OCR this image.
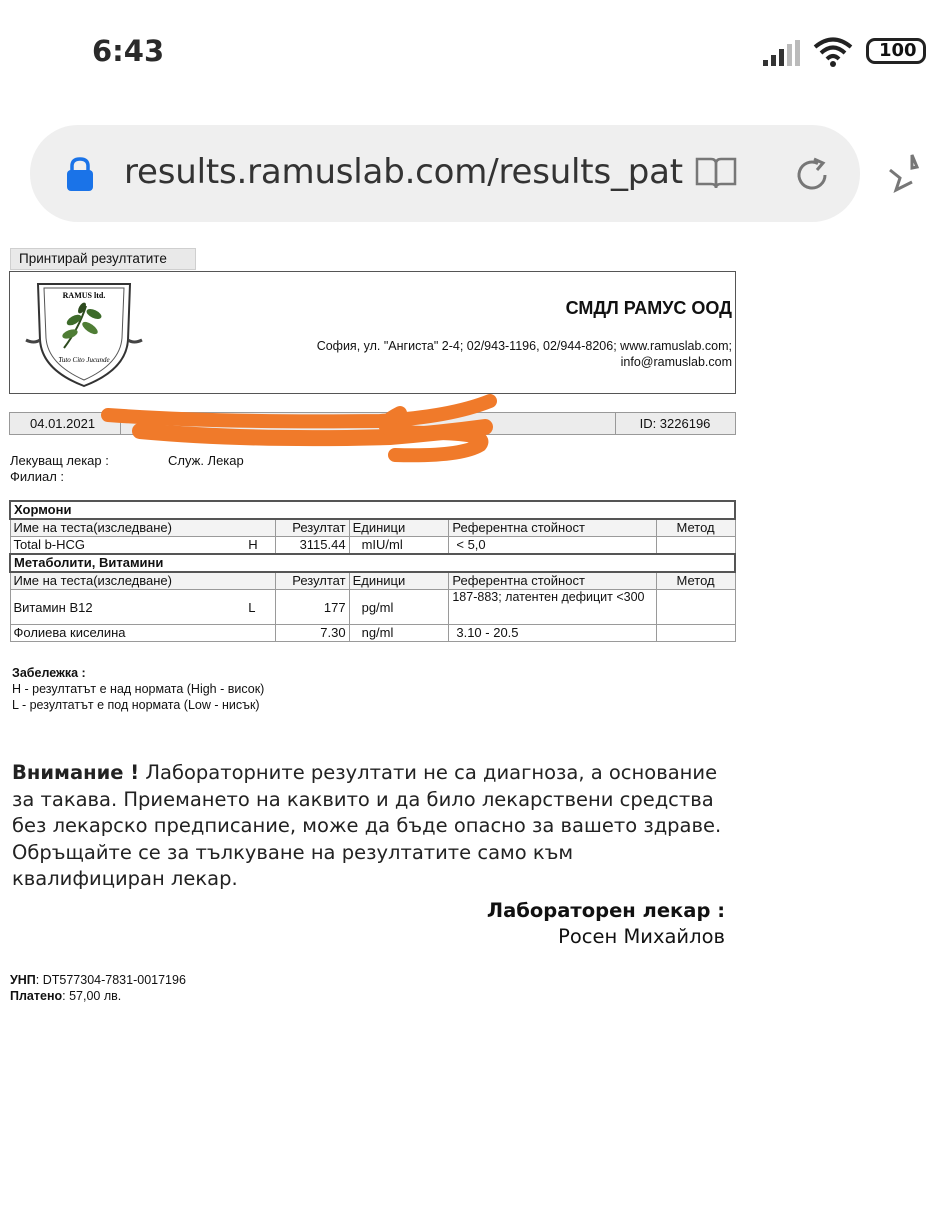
6:43	100
results.ramuslab.com/results_pat
Принтирай резултатите
RAMUS ltd.
Tuto Cito Jucunde
СМДЛ РАМУС ООД
София, ул. "Ангиста" 2-4; 02/943-1196, 02/944-8206; www.ramuslab.com;
info@ramuslab.com
04.01.2021	ID: 3226196
Лекуващ лекар :	Служ. Лекар
Филиал :
Хормони					
Име на теста(изследване)		Резултат	Единици	Референтна стойност	Метод
Total b-HCG	H	3115.44	mIU/ml	< 5,0	
Метаболити, Витамини					
Име на теста(изследване)		Резултат	Единици	Референтна стойност	Метод
Витамин В12	L	177	pg/ml	187-883; латентен дефицит <300	
Фолиева киселина		7.30	ng/ml	3.10 - 20.5	
Забележка :
H - резултатът е над нормата (High - висок)
L - резултатът е под нормата (Low - нисък)
Внимание ! Лабораторните резултати не са диагноза, а основание за такава. Приемането на каквито и да било лекарствени средства без лекарско предписание, може да бъде опасно за вашето здраве. Обръщайте се за тълкуване на резултатите само към квалифициран лекар.
Лабораторен лекар :
Росен Михайлов
УНП: DT577304-7831-0017196
Платено: 57,00 лв.
